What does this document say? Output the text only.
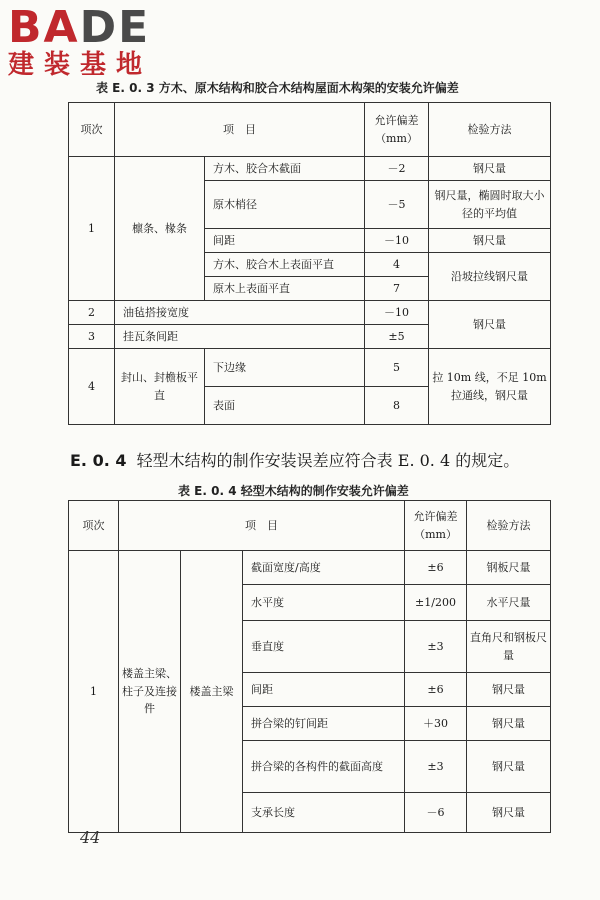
BADE
建装基地
表 E. 0. 3 方木、原木结构和胶合木结构屋面木构架的安装允许偏差
项次	项　目		允许偏差（mm）	检验方法
1	檩条、椽条	方木、胶合木截面	－2	钢尺量
		原木梢径	－5	钢尺量，椭圆时取大小径的平均值
		间距	－10	钢尺量
		方木、胶合木上表面平直	4	沿坡拉线钢尺量
		原木上表面平直	7	
2	油毡搭接宽度		－10	钢尺量
3	挂瓦条间距		±5	
4	封山、封檐板平直	下边缘	5	拉 10m 线，不足 10m 拉通线，钢尺量
		表面	8	
E. 0. 4 轻型木结构的制作安装误差应符合表 E. 0. 4 的规定。
表 E. 0. 4 轻型木结构的制作安装允许偏差
项次	项　目			允许偏差（mm）	检验方法
1	楼盖主梁、柱子及连接件	楼盖主梁	截面宽度/高度	±6	钢板尺量
			水平度	±1/200	水平尺量
			垂直度	±3	直角尺和钢板尺量
			间距	±6	钢尺量
			拼合梁的钉间距	＋30	钢尺量
			拼合梁的各构件的截面高度	±3	钢尺量
			支承长度	－6	钢尺量
44
